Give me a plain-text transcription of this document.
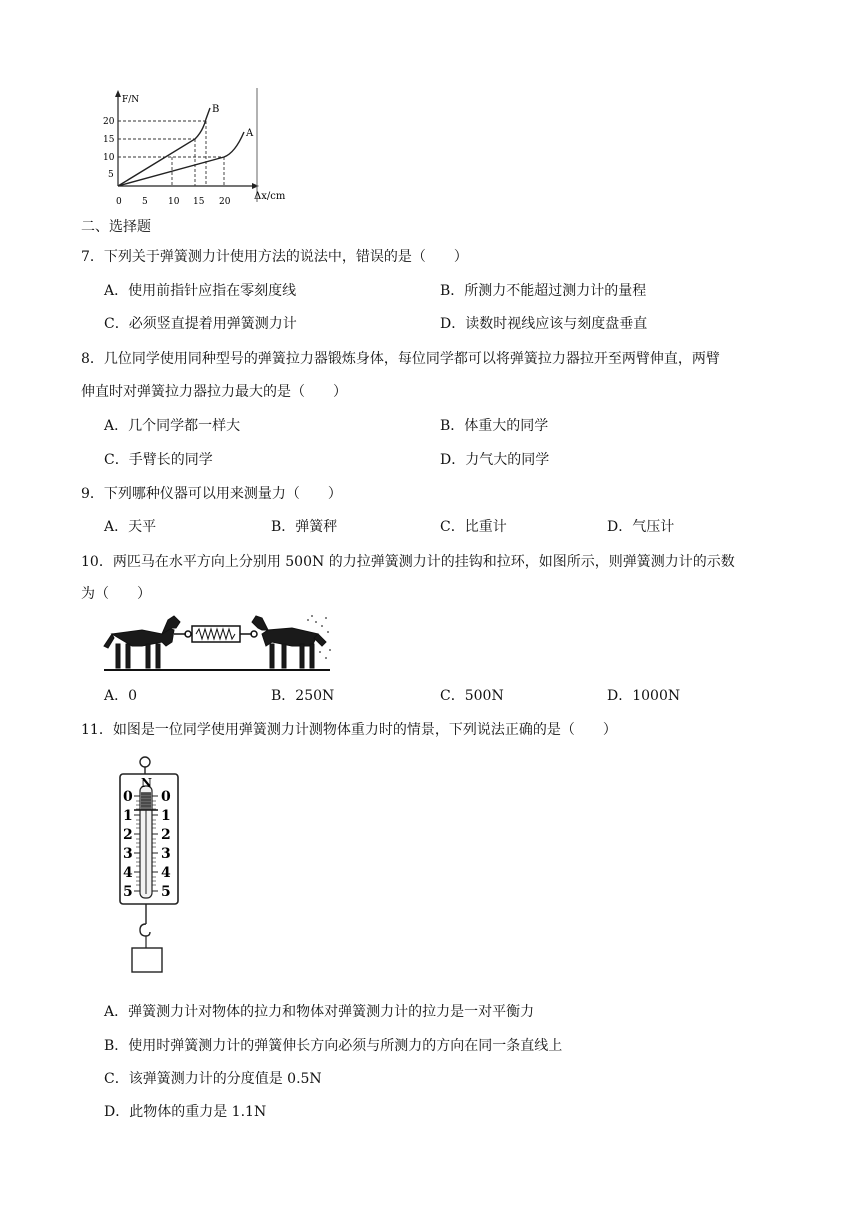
F/N
B
A
20
15
10
5
0 5 10 15 20 Δx/cm
二、选择题
7．下列关于弹簧测力计使用方法的说法中，错误的是（　　）
A．使用前指针应指在零刻度线	B．所测力不能超过测力计的量程
C．必须竖直提着用弹簧测力计	D．读数时视线应该与刻度盘垂直
8．几位同学使用同种型号的弹簧拉力器锻炼身体，每位同学都可以将弹簧拉力器拉开至两臂伸直，两臂
伸直时对弹簧拉力器拉力最大的是（　　）
A．几个同学都一样大	B．体重大的同学
C．手臂长的同学	D．力气大的同学
9．下列哪种仪器可以用来测量力（　　）
A．天平	B．弹簧秤	C．比重计	D．气压计
10．两匹马在水平方向上分别用 500N 的力拉弹簧测力计的挂钩和拉环，如图所示，则弹簧测力计的示数
为（　　）
A．0	B．250N	C．500N	D．1000N
11．如图是一位同学使用弹簧测力计测物体重力时的情景，下列说法正确的是（　　）
N
0
1
2
3
4
5
0
1
2
3
4
5
A．弹簧测力计对物体的拉力和物体对弹簧测力计的拉力是一对平衡力
B．使用时弹簧测力计的弹簧伸长方向必须与所测力的方向在同一条直线上
C．该弹簧测力计的分度值是 0.5N
D．此物体的重力是 1.1N
